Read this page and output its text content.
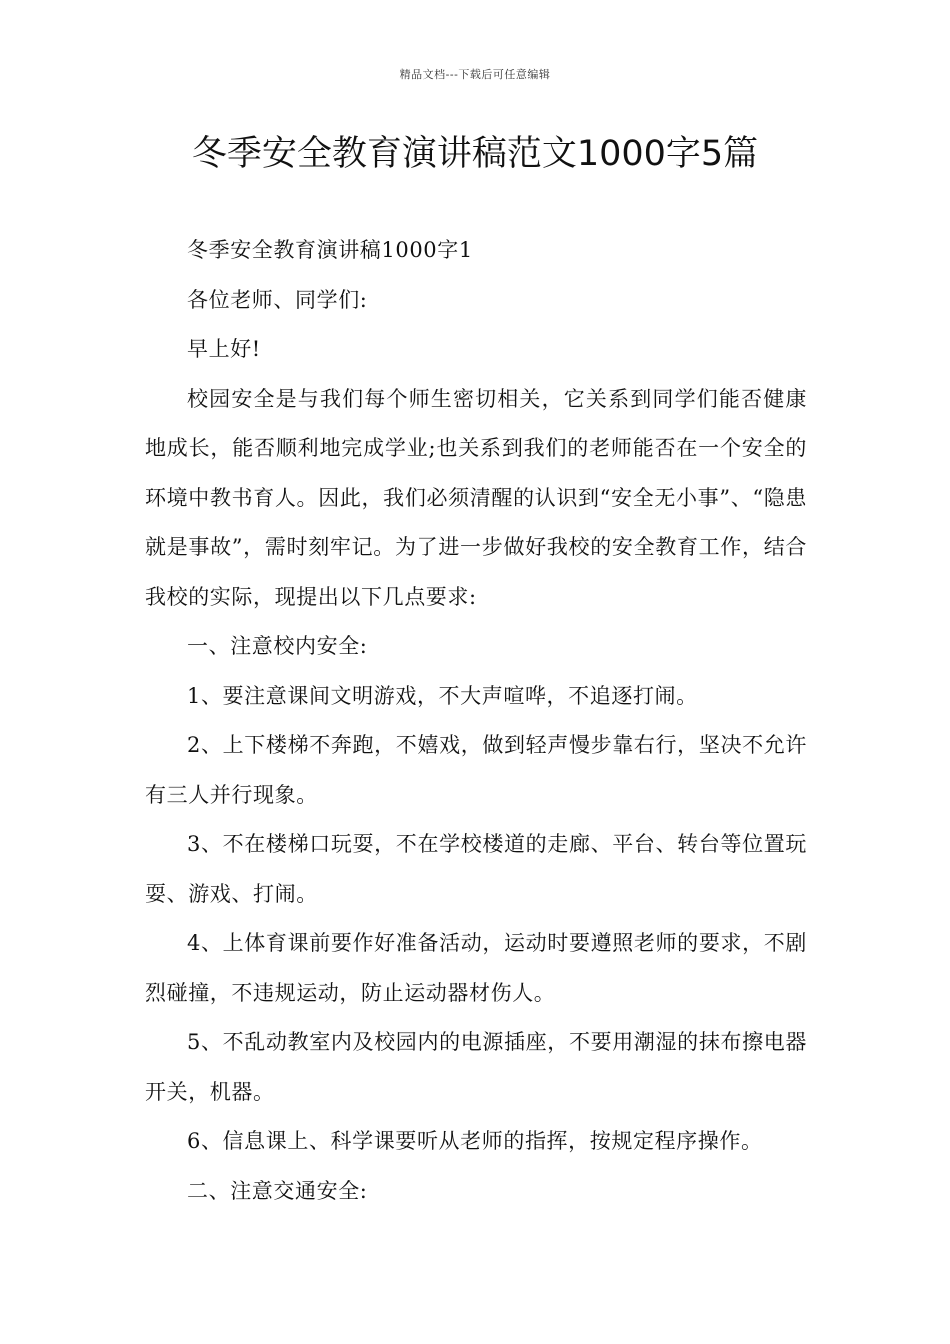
精品文档---下载后可任意编辑
冬季安全教育演讲稿范文1000字5篇

冬季安全教育演讲稿1000字1

各位老师、同学们:

早上好!

校园安全是与我们每个师生密切相关，它关系到同学们能否健康地成长，能否顺利地完成学业;也关系到我们的老师能否在一个安全的环境中教书育人。因此，我们必须清醒的认识到“安全无小事”、“隐患就是事故”，需时刻牢记。为了进一步做好我校的安全教育工作，结合我校的实际，现提出以下几点要求:

一、注意校内安全:

1、要注意课间文明游戏，不大声喧哗，不追逐打闹。

2、上下楼梯不奔跑，不嬉戏，做到轻声慢步靠右行，坚决不允许有三人并行现象。

3、不在楼梯口玩耍，不在学校楼道的走廊、平台、转台等位置玩耍、游戏、打闹。

4、上体育课前要作好准备活动，运动时要遵照老师的要求，不剧烈碰撞，不违规运动，防止运动器材伤人。

5、不乱动教室内及校园内的电源插座，不要用潮湿的抹布擦电器开关，机器。

6、信息课上、科学课要听从老师的指挥，按规定程序操作。

二、注意交通安全:
